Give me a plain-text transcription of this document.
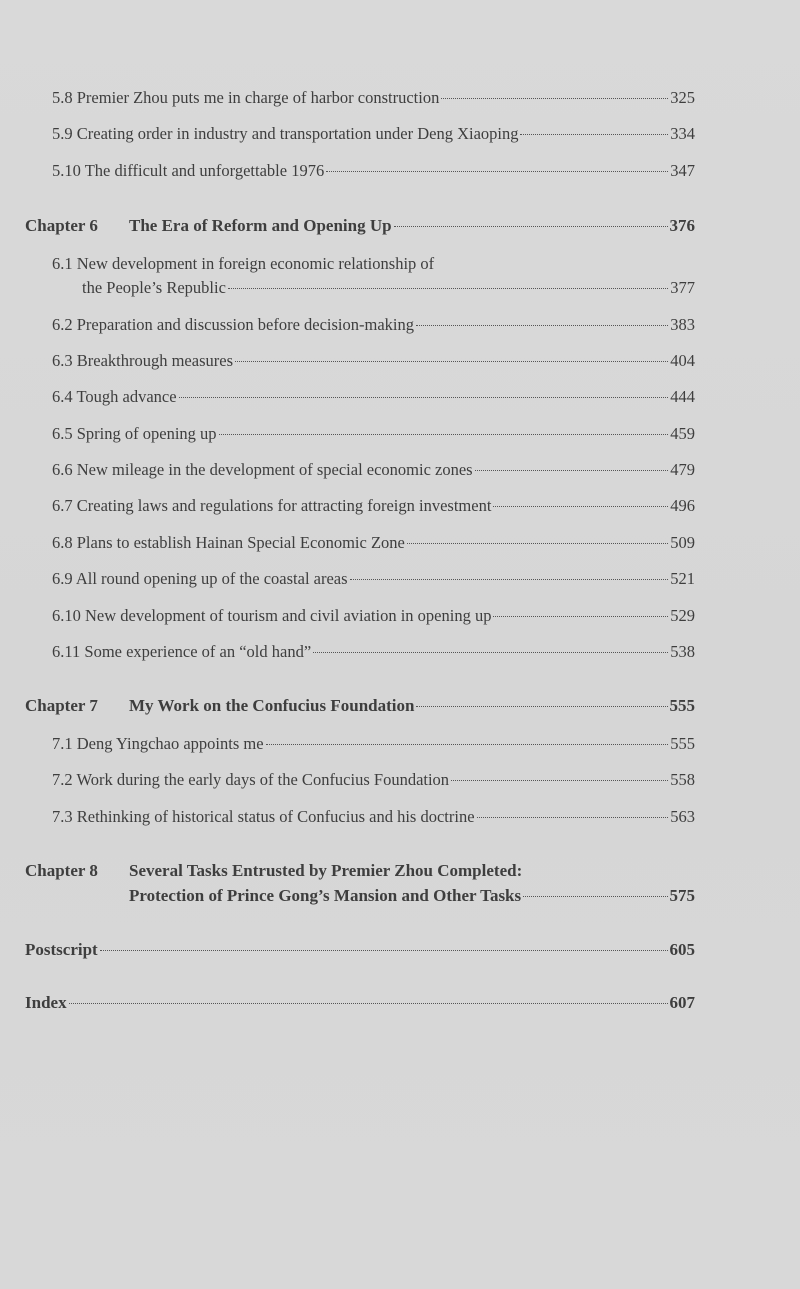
5.8 Premier Zhou puts me in charge of harbor construction	325
5.9 Creating order in industry and transportation under Deng Xiaoping	334
5.10 The difficult and unforgettable 1976	347
Chapter 6	The Era of Reform and Opening Up	376
6.1 New development in foreign economic relationship of
the People’s Republic	377
6.2 Preparation and discussion before decision-making	383
6.3 Breakthrough measures	404
6.4 Tough advance	444
6.5 Spring of opening up	459
6.6 New mileage in the development of special economic zones	479
6.7 Creating laws and regulations for attracting foreign investment	496
6.8 Plans to establish Hainan Special Economic Zone	509
6.9 All round opening up of the coastal areas	521
6.10 New development of tourism and civil aviation in opening up	529
6.11 Some experience of an “old hand”	538
Chapter 7	My Work on the Confucius Foundation	555
7.1 Deng Yingchao appoints me	555
7.2 Work during the early days of the Confucius Foundation	558
7.3 Rethinking of historical status of Confucius and his doctrine	563
Chapter 8 Several Tasks Entrusted by Premier Zhou Completed:
Protection of Prince Gong’s Mansion and Other Tasks	575
Postscript	605
Index	607
